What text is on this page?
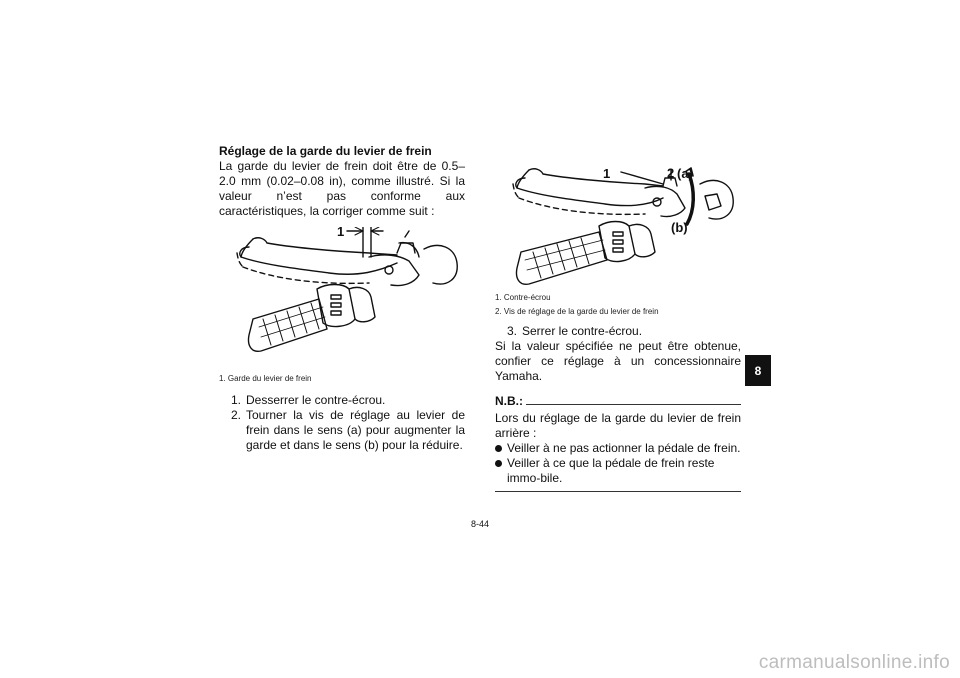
Réglage de la garde du levier de frein

La garde du levier de frein doit être de 0.5–2.0 mm (0.02–0.08 in), comme illustré. Si la valeur n’est pas conforme aux caractéristiques, la corriger comme suit :

1

1. Garde du levier de frein

1. Desserrer le contre-écrou.
2. Tourner la vis de réglage au levier de frein dans le sens (a) pour augmenter la garde et dans le sens (b) pour la réduire.
1	2 (a)
(b)

1. Contre-écrou

2. Vis de réglage de la garde du levier de frein

3. Serrer le contre-écrou.

Si la valeur spécifiée ne peut être obtenue, confier ce réglage à un concessionnaire Yamaha.

N.B.:

Lors du réglage de la garde du levier de frein arrière :

Veiller à ne pas actionner la pédale de frein.
Veiller à ce que la pédale de frein reste immo-bile.
8
8-44
carmanualsonline.info
